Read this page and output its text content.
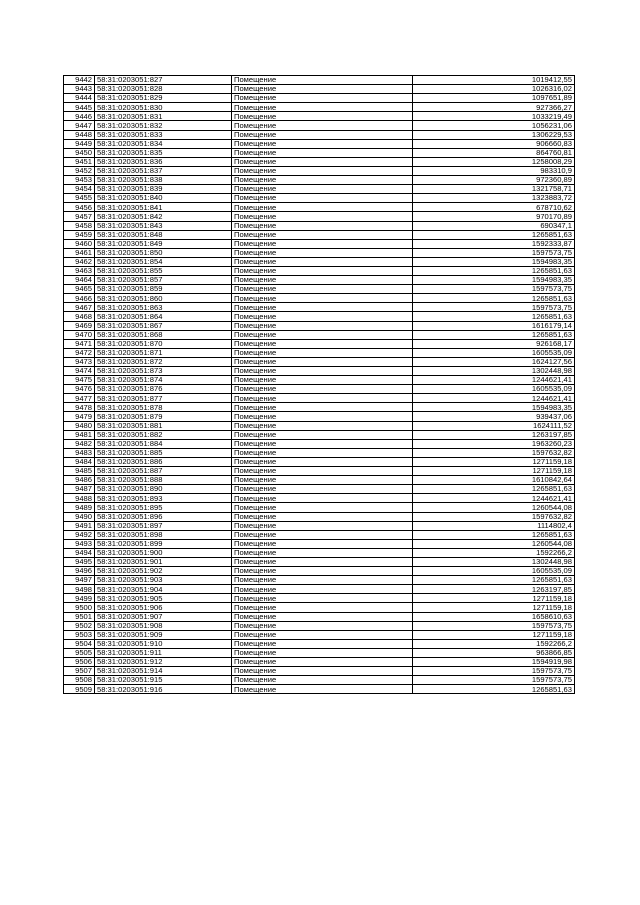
9442	58:31:0203051:827	Помещение	1019412,55
9443	58:31:0203051:828	Помещение	1026316,02
9444	58:31:0203051:829	Помещение	1097651,89
9445	58:31:0203051:830	Помещение	927366,27
9446	58:31:0203051:831	Помещение	1033219,49
9447	58:31:0203051:832	Помещение	1056231,06
9448	58:31:0203051:833	Помещение	1306229,53
9449	58:31:0203051:834	Помещение	906660,83
9450	58:31:0203051:835	Помещение	864760,81
9451	58:31:0203051:836	Помещение	1258008,29
9452	58:31:0203051:837	Помещение	983310,9
9453	58:31:0203051:838	Помещение	972360,89
9454	58:31:0203051:839	Помещение	1321758,71
9455	58:31:0203051:840	Помещение	1323883,72
9456	58:31:0203051:841	Помещение	678710,62
9457	58:31:0203051:842	Помещение	970170,89
9458	58:31:0203051:843	Помещение	690347,1
9459	58:31:0203051:848	Помещение	1265851,63
9460	58:31:0203051:849	Помещение	1592333,87
9461	58:31:0203051:850	Помещение	1597573,75
9462	58:31:0203051:854	Помещение	1594983,35
9463	58:31:0203051:855	Помещение	1265851,63
9464	58:31:0203051:857	Помещение	1594983,35
9465	58:31:0203051:859	Помещение	1597573,75
9466	58:31:0203051:860	Помещение	1265851,63
9467	58:31:0203051:863	Помещение	1597573,75
9468	58:31:0203051:864	Помещение	1265851,63
9469	58:31:0203051:867	Помещение	1616179,14
9470	58:31:0203051:868	Помещение	1265851,63
9471	58:31:0203051:870	Помещение	926168,17
9472	58:31:0203051:871	Помещение	1605535,09
9473	58:31:0203051:872	Помещение	1624127,56
9474	58:31:0203051:873	Помещение	1302448,98
9475	58:31:0203051:874	Помещение	1244621,41
9476	58:31:0203051:876	Помещение	1605535,09
9477	58:31:0203051:877	Помещение	1244621,41
9478	58:31:0203051:878	Помещение	1594983,35
9479	58:31:0203051:879	Помещение	939437,06
9480	58:31:0203051:881	Помещение	1624111,52
9481	58:31:0203051:882	Помещение	1263197,85
9482	58:31:0203051:884	Помещение	1963260,23
9483	58:31:0203051:885	Помещение	1597632,82
9484	58:31:0203051:886	Помещение	1271159,18
9485	58:31:0203051:887	Помещение	1271159,18
9486	58:31:0203051:888	Помещение	1610842,64
9487	58:31:0203051:890	Помещение	1265851,63
9488	58:31:0203051:893	Помещение	1244621,41
9489	58:31:0203051:895	Помещение	1260544,08
9490	58:31:0203051:896	Помещение	1597632,82
9491	58:31:0203051:897	Помещение	1114802,4
9492	58:31:0203051:898	Помещение	1265851,63
9493	58:31:0203051:899	Помещение	1260544,08
9494	58:31:0203051:900	Помещение	1592266,2
9495	58:31:0203051:901	Помещение	1302448,98
9496	58:31:0203051:902	Помещение	1605535,09
9497	58:31:0203051:903	Помещение	1265851,63
9498	58:31:0203051:904	Помещение	1263197,85
9499	58:31:0203051:905	Помещение	1271159,18
9500	58:31:0203051:906	Помещение	1271159,18
9501	58:31:0203051:907	Помещение	1658610,63
9502	58:31:0203051:908	Помещение	1597573,75
9503	58:31:0203051:909	Помещение	1271159,18
9504	58:31:0203051:910	Помещение	1592266,2
9505	58:31:0203051:911	Помещение	963866,85
9506	58:31:0203051:912	Помещение	1594919,98
9507	58:31:0203051:914	Помещение	1597573,75
9508	58:31:0203051:915	Помещение	1597573,75
9509	58:31:0203051:916	Помещение	1265851,63
